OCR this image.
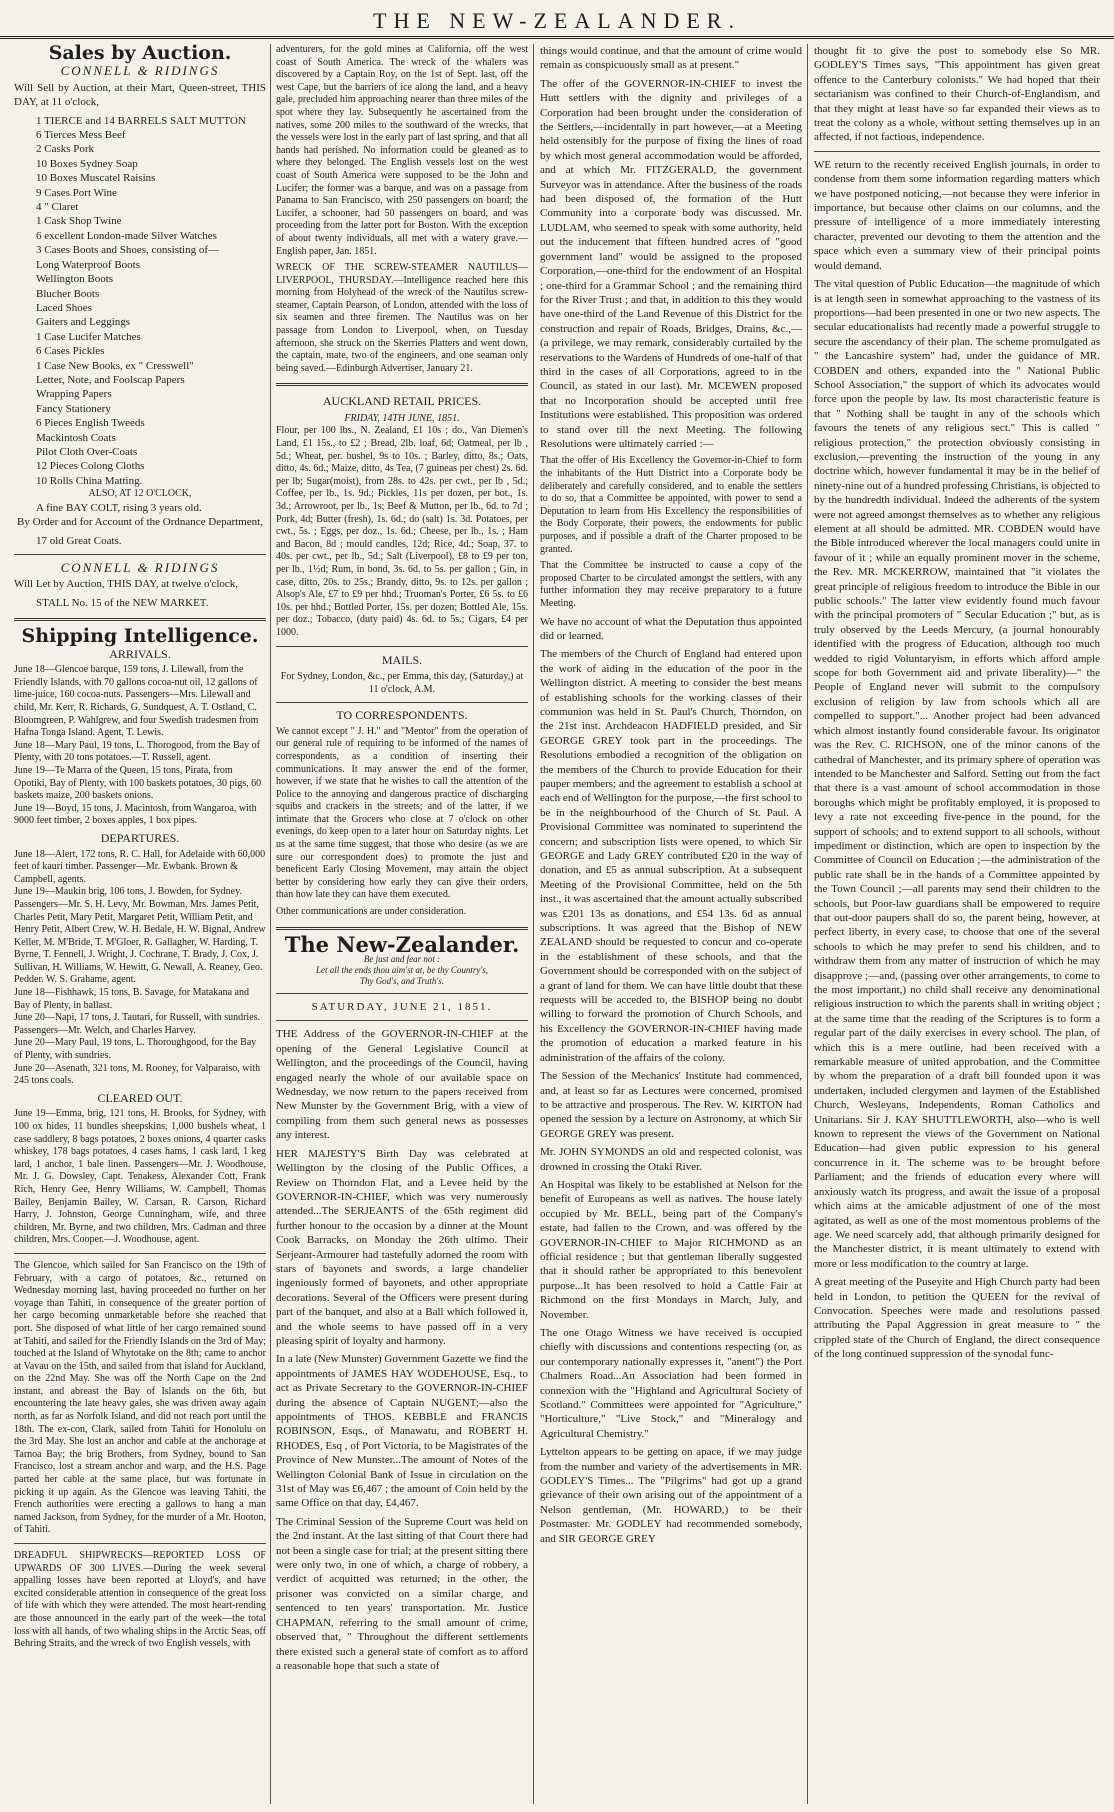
THE NEW-ZEALANDER.
Sales by Auction.
CONNELL & RIDINGS

Will Sell by Auction, at their Mart, Queen-street, THIS DAY, at 11 o'clock,

1 TIERCE and 14 BARRELS SALT MUTTON
6 Tierces Mess Beef
2 Casks Pork
10 Boxes Sydney Soap
10 Boxes Muscatel Raisins
9 Cases Port Wine
4 " Claret
1 Cask Shop Twine
6 excellent London-made Silver Watches
3 Cases Boots and Shoes, consisting of—
Long Waterproof Boots
Wellington Boots
Blucher Boots
Laced Shoes
Gaiters and Leggings
1 Case Lucifer Matches
6 Cases Pickles
1 Case New Books, ex " Cresswell"
Letter, Note, and Foolscap Papers
Wrapping Papers
Fancy Stationery
6 Pieces English Tweeds
Mackintosh Coats
Pilot Cloth Over-Coats
12 Pieces Colong Cloths
10 Rolls China Matting.
ALSO, AT 12 O'CLOCK,
A fine BAY COLT, rising 3 years old.

By Order and for Account of the Ordnance Department,

17 old Great Coats.
CONNELL & RIDINGS

Will Let by Auction, THIS DAY, at twelve o'clock,

STALL No. 15 of the NEW MARKET.
Shipping Intelligence.
ARRIVALS.
June 18—Glencoe barque, 159 tons, J. Lilewall, from the Friendly Islands, with 70 gallons cocoa-nut oil, 12 gallons of lime-juice, 160 cocoa-nuts. Passengers—Mrs. Lilewall and child, Mr. Kerr, R. Richards, G. Sundquest, A. T. Ostland, C. Bloomgreen, P. Wahlgrew, and four Swedish tradesmen from Hafna Tonga Island. Agent, T. Lewis.
June 18—Mary Paul, 19 tons, L. Thorogood, from the Bay of Plenty, with 20 tons potatoes.—T. Russell, agent.
June 19—Te Marra of the Queen, 15 tons, Pirata, from Opotiki, Bay of Plenty, with 100 baskets potatoes, 30 pigs, 60 baskets maize, 200 baskets onions.
June 19—Boyd, 15 tons, J. Macintosh, from Wangaroa, with 9000 feet timber, 2 boxes apples, 1 box pipes.
DEPARTURES.
June 18—Alert, 172 tons, R. C. Hall, for Adelaide with 60,000 feet of kauri timber. Passenger—Mr. Ewbank. Brown & Campbell, agents.
June 19—Maukin brig, 106 tons, J. Bowden, for Sydney. Passengers—Mr. S. H. Levy, Mr. Bowman, Mrs. James Petit, Charles Petit, Mary Petit, Margaret Petit, William Petit, and Henry Petit, Albert Crew, W. H. Bedale, H. W. Bignal, Andrew Keller, M. M'Bride, T. M'Gloer, R. Gallagher, W. Harding, T. Byrne, T. Fennell, J. Wright, J. Cochrane, T. Brady, J. Cox, J. Sullivan, H. Williams, W. Hewitt, G. Newall, A. Reaney, Geo. Pedder. W. S. Grahame, agent.
June 18—Fishhawk, 15 tons, B. Savage, for Matakana and Bay of Plenty, in ballast.
June 20—Napi, 17 tons, J. Tautari, for Russell, with sundries. Passengers—Mr. Welch, and Charles Harvey.
June 20—Mary Paul, 19 tons, L. Thoroughgood, for the Bay of Plenty, with sundries.
June 20—Asenath, 321 tons, M. Rooney, for Valparaiso, with 245 tons coals.
CLEARED OUT.

June 19—Emma, brig, 121 tons, H. Brooks, for Sydney, with 100 ox hides, 11 bundles sheepskins, 1,000 bushels wheat, 1 case saddlery, 8 bags potatoes, 2 boxes onions, 4 quarter casks whiskey, 178 bags potatoes, 4 cases hams, 1 cask lard, 1 keg lard, 1 anchor, 1 bale linen. Passengers—Mr. J. Woodhouse, Mr. J. G. Dowsley, Capt. Tenakess, Alexander Cott, Frank Rich, Henry Gee, Henry Williams, W. Campbell, Thomas Bailey, Benjamin Bailey, W. Carsan, R. Carson, Richard Harry, J. Johnston, George Cunningham, wife, and three children, Mr. Byrne, and two children, Mrs. Cadman and three children, Mrs. Cooper.—J. Woodhouse, agent.

The Glencoe, which sailed for San Francisco on the 19th of February, with a cargo of potatoes, &c., returned on Wednesday morning last, having proceeded no further on her voyage than Tahiti, in consequence of the greater portion of her cargo becoming unmarketable before she reached that port. She disposed of what little of her cargo remained sound at Tahiti, and sailed for the Friendly Islands on the 3rd of May; touched at the Island of Whytotake on the 8th; came to anchor at Vavau on the 15th, and sailed from that island for Auckland, on the 22nd May. She was off the North Cape on the 2nd instant, and abreast the Bay of Islands on the 6th, but encountering the late heavy gales, she was driven away again north, as far as Norfolk Island, and did not reach port until the 18th. The ex-con, Clark, sailed from Tahiti for Honolulu on the 3rd May. She lost an anchor and cable at the anchorage at Tarnoa Bay; the brig Brothers, from Sydney, bound to San Francisco, lost a stream anchor and warp, and the H.S. Page parted her cable at the same place, but was fortunate in picking it up again. As the Glencoe was leaving Tahiti, the French authorities were erecting a gallows to hang a man named Jackson, from Sydney, for the murder of a Mr. Hooton, of Tahiti.

DREADFUL SHIPWRECKS—REPORTED LOSS OF UPWARDS OF 300 LIVES.—During the week several appalling losses have been reported at Lloyd's, and have excited considerable attention in consequence of the great loss of life with which they were attended. The most heart-rending are those announced in the early part of the week—the total loss with all hands, of two whaling ships in the Arctic Seas, off Behring Straits, and the wreck of two English vessels, with

adventurers, for the gold mines at California, off the west coast of South America. The wreck of the whalers was discovered by a Captain Roy, on the 1st of Sept. last, off the west Cape, but the barriers of ice along the land, and a heavy gale, precluded him approaching nearer than three miles of the spot where they lay. Subsequently he ascertained from the natives, some 200 miles to the southward of the wrecks, that the vessels were lost in the early part of last spring, and that all hands had perished. No information could be gleaned as to where they belonged. The English vessels lost on the west coast of South America were supposed to be the John and Lucifer; the former was a barque, and was on a passage from Panama to San Francisco, with 250 passengers on board; the Lucifer, a schooner, had 50 passengers on board, and was proceeding from the latter port for Boston. With the exception of about twenty individuals, all met with a watery grave.—English paper, Jan. 1851.

WRECK OF THE SCREW-STEAMER NAUTILUS—LIVERPOOL, THURSDAY.—Intelligence reached here this morning from Holyhead of the wreck of the Nautilus screw-steamer, Captain Pearson, of London, attended with the loss of six seamen and three firemen. The Nautilus was on her passage from London to Liverpool, when, on Tuesday afternoon, she struck on the Skerries Platters and went down, the captain, mate, two of the engineers, and one seaman only being saved.—Edinburgh Advertiser, January 21.

AUCKLAND RETAIL PRICES.
FRIDAY, 14TH JUNE, 1851.

Flour, per 100 lbs., N. Zealand, £1 10s ; do., Van Diemen's Land, £1 15s., to £2 ; Bread, 2lb. loaf, 6d; Oatmeal, per lb , 5d.; Wheat, per. bushel, 9s to 10s. ; Barley, ditto, 8s.; Oats, ditto, 4s. 6d.; Maize, ditto, 4s Tea, (7 guineas per chest) 2s. 6d. per lb; Sugar(moist), from 28s. to 42s. per cwt., per lb , 5d.; Coffee, per lb., 1s. 9d.; Pickles, 11s per dozen, per bot., 1s. 3d.; Arrowroot, per lb., 1s; Beef & Mutton, per lb., 6d. to 7d ; Pork, 4d; Butter (fresh), 1s. 6d.; do (salt) 1s. 3d. Potatoes, per cwt., 5s. ; Eggs, per doz., 1s. 6d.; Cheese, per lb., 1s. ; Ham and Bacon, 8d ; mould candles, 12d; Rice, 4d.; Soap, 37. to 40s. per cwt., per lb., 5d.; Salt (Liverpool), £8 to £9 per ton, per lb., 1½d; Rum, in bond, 3s. 6d. to 5s. per gallon ; Gin, in case, ditto, 20s. to 25s.; Brandy, ditto, 9s. to 12s. per gallon ; Alsop's Ale, £7 to £9 per hhd.; Truoman's Porter, £6 5s. to £6 10s. per hhd.; Bottled Porter, 15s. per dozen; Bottled Ale, 15s. per doz.; Tobacco, (duty paid) 4s. 6d. to 5s.; Cigars, £4 per 1000.

MAILS.

For Sydney, London, &c., per Emma, this day, (Saturday,) at 11 o'clock, A.M.

TO CORRESPONDENTS.

We cannot except " J. H." and "Mentor" from the operation of our general rule of requiring to be informed of the names of correspondents, as a condition of inserting their communications. It may answer the end of the former, however, if we state that he wishes to call the attention of the Police to the annoying and dangerous practice of discharging squibs and crackers in the streets; and of the latter, if we intimate that the Grocers who close at 7 o'clock on other evenings, do keep open to a later hour on Saturday nights. Let us at the same time suggest, that those who desire (as we are sure our correspondent does) to promote the just and beneficent Early Closing Movement, may attain the object better by considering how early they can give their orders, than how late they can have them executed.

Other communications are under consideration.

The New-Zealander.
Be just and fear not :
Let all the ends thou aim'st at, be thy Country's,
Thy God's, and Truth's.
SATURDAY, JUNE 21, 1851.

THE Address of the GOVERNOR-IN-CHIEF at the opening of the General Legislative Council at Wellington, and the proceedings of the Council, having engaged nearly the whole of our available space on Wednesday, we now return to the papers received from New Munster by the Government Brig, with a view of compiling from them such general news as possesses any interest.

HER MAJESTY'S Birth Day was celebrated at Wellington by the closing of the Public Offices, a Review on Thorndon Flat, and a Levee held by the GOVERNOR-IN-CHIEF, which was very numerously attended...The SERJEANTS of the 65th regiment did further honour to the occasion by a dinner at the Mount Cook Barracks, on Monday the 26th ultimo. Their Serjeant-Armourer had tastefully adorned the room with stars of bayonets and swords, a large chandelier ingeniously formed of bayonets, and other appropriate decorations. Several of the Officers were present during part of the banquet, and also at a Ball which followed it, and the whole seems to have passed off in a very pleasing spirit of loyalty and harmony.

In a late (New Munster) Government Gazette we find the appointments of JAMES HAY WODEHOUSE, Esq., to act as Private Secretary to the GOVERNOR-IN-CHIEF during the absence of Captain NUGENT;—also the appointments of THOS. KEBBLE and FRANCIS ROBINSON, Esqs., of Manawatu, and ROBERT H. RHODES, Esq , of Port Victoria, to be Magistrates of the Province of New Munster...The amount of Notes of the Wellington Colonial Bank of Issue in circulation on the 31st of May was £6,467 ; the amount of Coin held by the same Office on that day, £4,467.

The Criminal Session of the Supreme Court was held on the 2nd instant. At the last sitting of that Court there had not been a single case for trial; at the present sitting there were only two, in one of which, a charge of robbery, a verdict of acquitted was returned; in the other, the prisoner was convicted on a similar charge, and sentenced to ten years' transportation. Mr. Justice CHAPMAN, referring to the small amount of crime, observed that, " Throughout the different settlements there existed such a general state of comfort as to afford a reasonable hope that such a state of

things would continue, and that the amount of crime would remain as conspicuously small as at present."

The offer of the GOVERNOR-IN-CHIEF to invest the Hutt settlers with the dignity and privileges of a Corporation had been brought under the consideration of the Settlers,—incidentally in part however,—at a Meeting held ostensibly for the purpose of fixing the lines of road by which most general accommodation would be afforded, and at which Mr. FITZGERALD, the government Surveyor was in attendance. After the business of the roads had been disposed of, the formation of the Hutt Community into a corporate body was discussed. Mr. LUDLAM, who seemed to speak with some authority, held out the inducement that fifteen hundred acres of "good government land" would be assigned to the proposed Corporation,—one-third for the endowment of an Hospital ; one-third for a Grammar School ; and the remaining third for the River Trust ; and that, in addition to this they would have one-third of the Land Revenue of this District for the construction and repair of Roads, Bridges, Drains, &c.,—(a privilege, we may remark, considerably curtailed by the reservations to the Wardens of Hundreds of one-half of that third in the cases of all Corporations, agreed to in the Council, as stated in our last). Mr. MCEWEN proposed that no Incorporation should be accepted until free Institutions were established. This proposition was ordered to stand over till the next Meeting. The following Resolutions were ultimately carried :—

That the offer of His Excellency the Governor-in-Chief to form the inhabitants of the Hutt District into a Corporate body be deliberately and carefully considered, and to enable the settlers to do so, that a Committee be appointed, with power to send a Deputation to learn from His Excellency the responsibilities of the Body Corporate, their powers, the endowments for public purposes, and if possible a draft of the Charter proposed to be granted.

That the Committee be instructed to cause a copy of the proposed Charter to be circulated amongst the settlers, with any further information they may receive preparatory to a future Meeting.

We have no account of what the Deputation thus appointed did or learned.

The members of the Church of England had entered upon the work of aiding in the education of the poor in the Wellington district. A meeting to consider the best means of establishing schools for the working classes of their communion was held in St. Paul's Church, Thorndon, on the 21st inst. Archdeacon HADFIELD presided, and Sir GEORGE GREY took part in the proceedings. The Resolutions embodied a recognition of the obligation on the members of the Church to provide Education for their pauper members; and the agreement to establish a school at each end of Wellington for the purpose,—the first school to be in the neighbourhood of the Church of St. Paul. A Provisional Committee was nominated to superintend the concern; and subscription lists were opened, to which Sir GEORGE and Lady GREY contributed £20 in the way of donation, and £5 as annual subscription. At a subsequent Meeting of the Provisional Committee, held on the 5th inst., it was ascertained that the amount actually subscribed was £201 13s as donations, and £54 13s. 6d as annual subscriptions. It was agreed that the Bishop of NEW ZEALAND should be requested to concur and co-operate in the establishment of these schools, and that the Government should be corresponded with on the subject of a grant of land for them. We can have little doubt that these requests will be acceded to, the BISHOP being no doubt willing to forward the promotion of Church Schools, and his Excellency the GOVERNOR-IN-CHIEF having made the promotion of education a marked feature in his administration of the affairs of the colony.

The Session of the Mechanics' Institute had commenced, and, at least so far as Lectures were concerned, promised to be attractive and prosperous. The Rev. W. KIRTON had opened the session by a lecture on Astronomy, at which Sir GEORGE GREY was present.

Mr. JOHN SYMONDS an old and respected colonist, was drowned in crossing the Otaki River.

An Hospital was likely to be established at Nelson for the benefit of Europeans as well as natives. The house lately occupied by Mr. BELL, being part of the Company's estate, had fallen to the Crown, and was offered by the GOVERNOR-IN-CHIEF to Major RICHMOND as an official residence ; but that gentleman liberally suggested that it should rather be appropriated to this benevolent purpose...It has been resolved to hold a Cattle Fair at Richmond on the first Mondays in March, July, and November.

The one Otago Witness we have received is occupied chiefly with discussions and contentions respecting (or, as our contemporary nationally expresses it, "anent") the Port Chalmers Road...An Association had been formed in connexion with the "Highland and Agricultural Society of Scotland." Committees were appointed for "Agriculture," "Horticulture," "Live Stock," and "Mineralogy and Agricultural Chemistry."

Lyttelton appears to be getting on apace, if we may judge from the number and variety of the advertisements in MR. GODLEY'S Times... The "Pilgrims" had got up a grand grievance of their own arising out of the appointment of a Nelson gentleman, (Mr. HOWARD,) to be their Postmaster. Mr. GODLEY had recommended somebody, and SIR GEORGE GREY

thought fit to give the post to somebody else So MR. GODLEY'S Times says, "This appointment has given great offence to the Canterbury colonists." We had hoped that their sectarianism was confined to their Church-of-Englandism, and that they might at least have so far expanded their views as to treat the colony as a whole, without setting themselves up in an affected, if not factious, independence.

WE return to the recently received English journals, in order to condense from them some information regarding matters which we have postponed noticing,—not because they were inferior in importance, but because other claims on our columns, and the pressure of intelligence of a more immediately interesting character, prevented our devoting to them the attention and the space which even a summary view of their principal points would demand.

The vital question of Public Education—the magnitude of which is at length seen in somewhat approaching to the vastness of its proportions—had been presented in one or two new aspects. The secular educationalists had recently made a powerful struggle to secure the ascendancy of their plan. The scheme promulgated as " the Lancashire system" had, under the guidance of MR. COBDEN and others, expanded into the " National Public School Association," the support of which its advocates would force upon the people by law. Its most characteristic feature is that " Nothing shall be taught in any of the schools which favours the tenets of any religious sect." This is called " religious protection," the protection obviously consisting in exclusion,—preventing the instruction of the young in any doctrine which, however fundamental it may be in the belief of ninety-nine out of a hundred professing Christians, is objected to by the hundredth individual. Indeed the adherents of the system were not agreed amongst themselves as to whether any religious element at all should be admitted. MR. COBDEN would have the Bible introduced wherever the local managers could unite in favour of it ; while an equally prominent mover in the scheme, the Rev. MR. MCKERROW, maintained that "it violates the great principle of religious freedom to introduce the Bible in our public schools." The latter view evidently found much favour with the principal promoters of " Secular Education ;" but, as is truly observed by the Leeds Mercury, (a journal honourably identified with the progress of Education, although too much wedded to rigid Voluntaryism, in efforts which afford ample scope for both Government aid and private liberality)—" the People of England never will submit to the compulsory exclusion of religion by law from schools which all are compelled to support."... Another project had been advanced which almost instantly found considerable favour. Its originator was the Rev. C. RICHSON, one of the minor canons of the cathedral of Manchester, and its primary sphere of operation was intended to be Manchester and Salford. Setting out from the fact that there is a vast amount of school accommodation in those boroughs which might be profitably employed, it is proposed to levy a rate not exceeding five-pence in the pound, for the support of schools; and to extend support to all schools, without impediment or distinction, which are open to inspection by the Committee of Council on Education ;—the administration of the public rate shall be in the hands of a Committee appointed by the Town Council ;—all parents may send their children to the schools, but Poor-law guardians shall be empowered to require that out-door paupers shall do so, the parent being, however, at perfect liberty, in every case, to choose that one of the several schools to which he may prefer to send his children, and to withdraw them from any matter of instruction of which he may disapprove ;—and, (passing over other arrangements, to come to the most important,) no child shall receive any denominational religious instruction to which the parents shall in writing object ; at the same time that the reading of the Scriptures is to form a regular part of the daily exercises in every school. The plan, of which this is a mere outline, had been received with a remarkable measure of united approbation, and the Committee by whom the preparation of a draft bill founded upon it was undertaken, included clergymen and laymen of the Established Church, Wesleyans, Independents, Roman Catholics and Unitarians. Sir J. KAY SHUTTLEWORTH, also—who is well known to represent the views of the Government on National Education—had given public expression to his general concurrence in it. The scheme was to be brought before Parliament; and the friends of education every where will anxiously watch its progress, and await the issue of a proposal which aims at the amicable adjustment of one of the most agitated, as well as one of the most momentous problems of the age. We need scarcely add, that although primarily designed for the Manchester district, it is meant ultimately to extend with more or less modification to the country at large.

A great meeting of the Puseyite and High Church party had been held in London, to petition the QUEEN for the revival of Convocation. Speeches were made and resolutions passed attributing the Papal Aggression in great measure to " the crippled state of the Church of England, the direct consequence of the long continued suppression of the synodal func-
